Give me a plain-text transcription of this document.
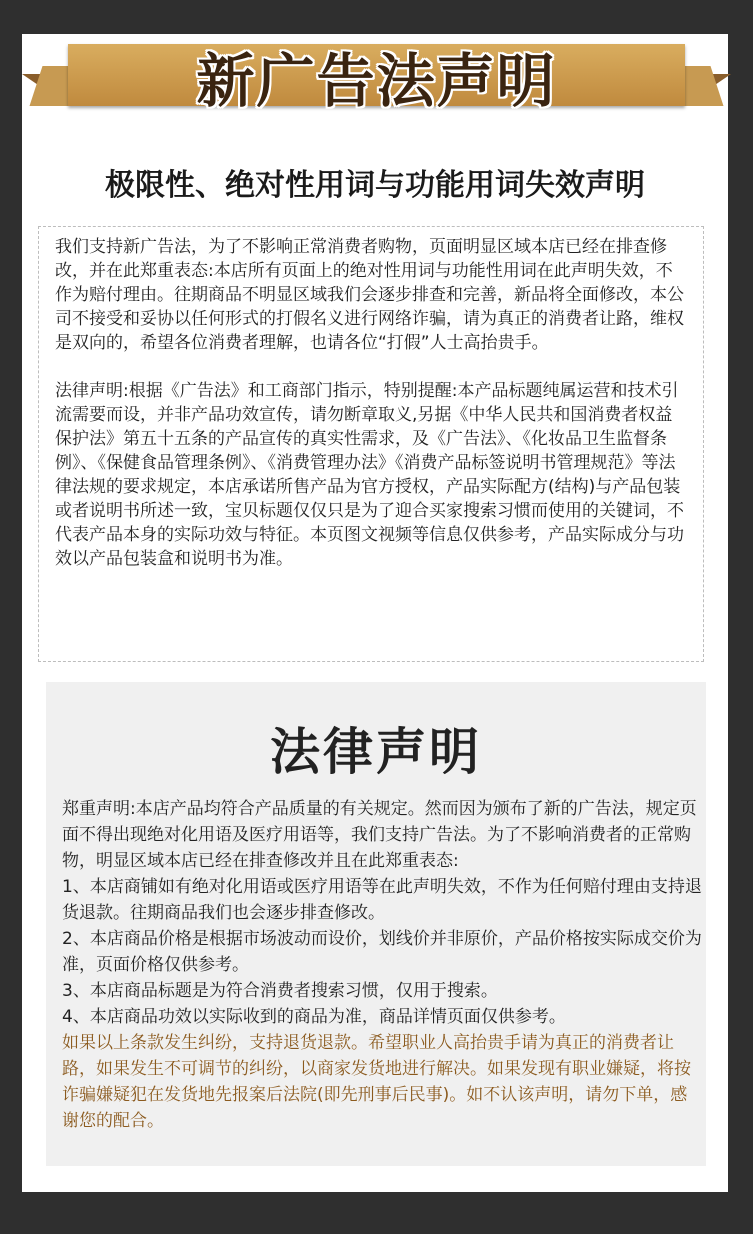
新广告法声明
极限性、绝对性用词与功能用词失效声明

我们支持新广告法，为了不影响正常消费者购物，页面明显区域本店已经在排查修改，并在此郑重表态:本店所有页面上的绝对性用词与功能性用词在此声明失效，不作为赔付理由。往期商品不明显区域我们会逐步排查和完善，新品将全面修改，本公司不接受和妥协以任何形式的打假名义进行网络诈骗，请为真正的消费者让路，维权是双向的，希望各位消费者理解，也请各位“打假”人士高抬贵手。

法律声明:根据《广告法》和工商部门指示，特别提醒:本产品标题纯属运营和技术引流需要而设，并非产品功效宣传，请勿断章取义,另据《中华人民共和国消费者权益保护法》第五十五条的产品宣传的真实性需求，及《广告法》、《化妆品卫生监督条例》、《保健食品管理条例》、《消费管理办法》《消费产品标签说明书管理规范》等法律法规的要求规定，本店承诺所售产品为官方授权，产品实际配方(结构)与产品包装或者说明书所述一致，宝贝标题仅仅只是为了迎合买家搜索习惯而使用的关键词，不代表产品本身的实际功效与特征。本页图文视频等信息仅供参考，产品实际成分与功效以产品包装盒和说明书为准。

法律声明

郑重声明:本店产品均符合产品质量的有关规定。然而因为颁布了新的广告法，规定页面不得出现绝对化用语及医疗用语等，我们支持广告法。为了不影响消费者的正常购物，明显区域本店已经在排查修改并且在此郑重表态:

1、本店商铺如有绝对化用语或医疗用语等在此声明失效，不作为任何赔付理由支持退货退款。往期商品我们也会逐步排查修改。

2、本店商品价格是根据市场波动而设价，划线价并非原价，产品价格按实际成交价为准，页面价格仅供参考。

3、本店商品标题是为符合消费者搜索习惯，仅用于搜索。

4、本店商品功效以实际收到的商品为准，商品详情页面仅供参考。

如果以上条款发生纠纷，支持退货退款。希望职业人高抬贵手请为真正的消费者让路，如果发生不可调节的纠纷，以商家发货地进行解决。如果发现有职业嫌疑，将按诈骗嫌疑犯在发货地先报案后法院(即先刑事后民事)。如不认该声明，请勿下单，感谢您的配合。
